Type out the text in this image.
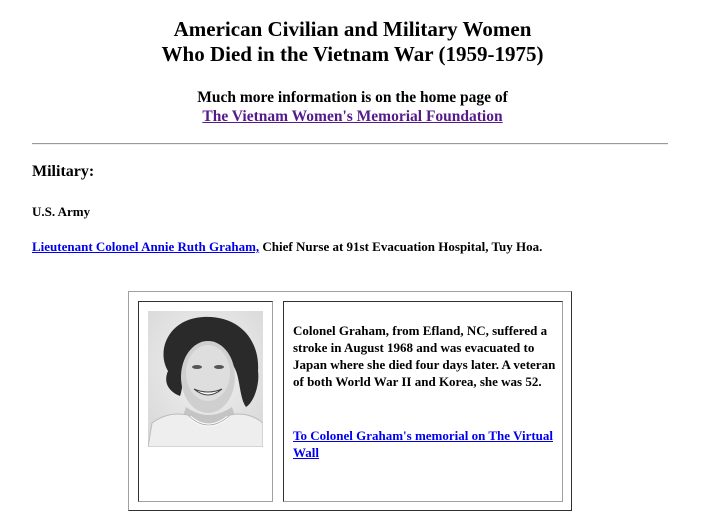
American Civilian and Military Women
Who Died in the Vietnam War (1959-1975)
Much more information is on the home page of
The Vietnam Women's Memorial Foundation
Military:
U.S. Army
Lieutenant Colonel Annie Ruth Graham, Chief Nurse at 91st Evacuation Hospital, Tuy Hoa.
Colonel Graham, from Efland, NC, suffered a stroke in August 1968 and was evacuated to Japan where she died four days later. A veteran of both World War II and Korea, she was 52.
To Colonel Graham's memorial on The Virtual Wall
